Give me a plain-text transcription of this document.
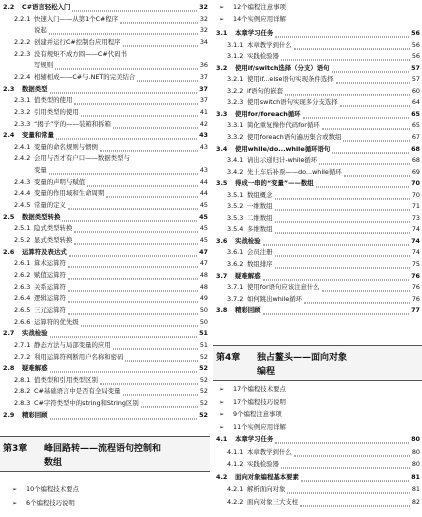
2.2 C#语言轻松入门	32
2.2.1 快速入门——从第1个C#程序	32
说起	32
2.2.2 创建并运行C#控制台应用程序	34
2.2.3 没有规矩不成方圆——C#代码书
写规则	36
2.2.4 相辅相成——C#与.NET的完美结合	37
2.3 数据类型	37
2.3.1 值类型的使用	37
2.3.2 引用类型的使用	41
2.3.3 “揭子”学的——装箱和拆箱	42
2.4 变量和常量	43
2.4.1 变量的命名规则与惯例	43
2.4.2 会用与否才有户口——数据类型与
变量	43
2.4.3 变量的声明与赋值	44
2.4.4 变量的作用域和生命周期	44
2.4.5 常量的定义	45
2.5 数据类型转换	45
2.5.1 隐式类型转换	45
2.5.2 显式类型转换	45
2.6 运算符及表达式	47
2.6.1 算术运算符	47
2.6.2 赋值运算符	48
2.6.3 关系运算符	48
2.6.4 逻辑运算符	49
2.6.5 三元运算符	50
2.6.6 运算符的优先级	50
2.7 实战检验	51
2.7.1 静态方法与局部变量的应用	51
2.7.2 利用运算符判断用户名称和密码	52
2.8 疑难解惑	52
2.8.1 值类型和引用类型区别	52
2.8.2 C#基础语言中是否有全局变量	52
2.8.3 C#字符类型中的string和String区别	52
2.9 精彩回顾	52
第3章 峰回路转——流程语句控制和
数组
➢ 10个编程技术要点
➢ 6个编程技巧说明
➢ 12个编程注意事项
➢ 14个实例应用详解
3.1 本章学习任务	56
3.1.1 本章教学到什么	56
3.1.2 实践检验器	56
3.2 使用if/switch选择（分支）语句	57
3.2.1 使用if...else语句实现条件选择	57
3.2.2 if语句的嵌套	60
3.2.3 使用switch语句实现多分支选择	64
3.3 使用for/foreach循环	65
3.3.1 简化重复操作代码for循环	65
3.3.2 使用foreach语句遍历集合或数组	67
3.4 使用while/do...while循环语句	68
3.4.1 请出示递归计-while循环	68
3.4.2 先上车后补票——do...while循环	69
3.5 得成一串的“变量”——数组	70
3.5.1 数组概念	70
3.5.2 一维数组	71
3.5.3 二维数组	73
3.5.4 多维数组	74
3.6 实战检验	74
3.6.1 会员注册	74
3.6.2 数组排序	75
3.7 疑难解惑	76
3.7.1 使用for语句应该注意什么	76
3.7.2 如何跳出while循环	76
3.8 精彩回顾	77
第4章 独占鳌头——面向对象
编程
➢ 17个编程技术要点
➢ 17个编程技巧说明
➢ 9个编程注意事项
➢ 11个实例应用详解
4.1 本章学习任务	80
4.1.1 本章教学到什么	80
4.1.2 实践检验器	80
4.2 面向对象编程基本要素	81
4.2.1 解析面向对象	81
4.2.2 面向对象三大支柱	82
